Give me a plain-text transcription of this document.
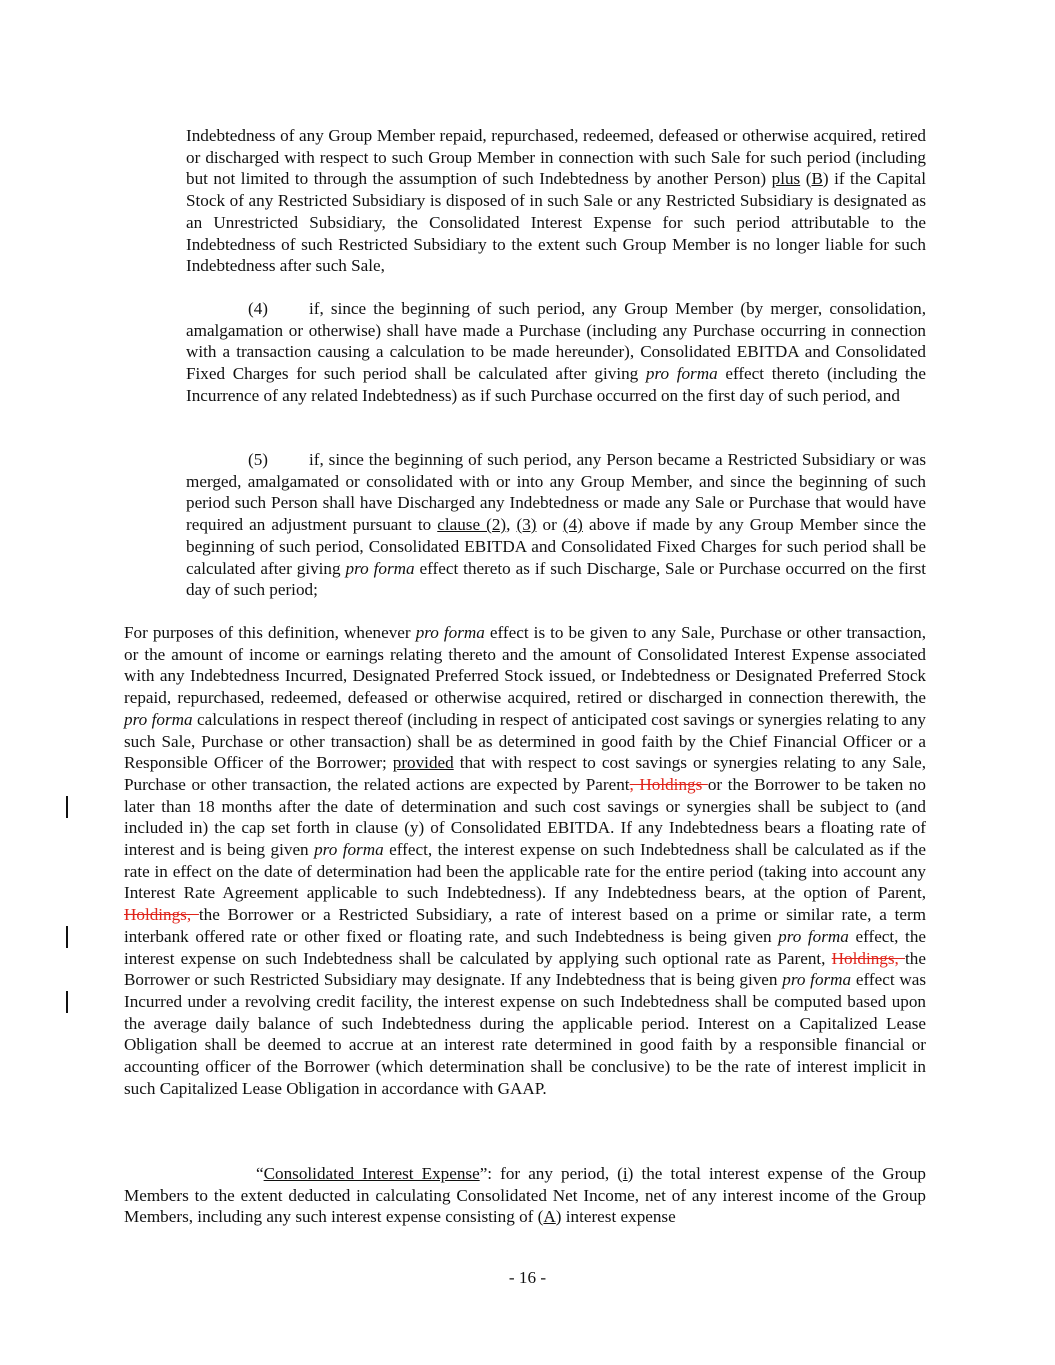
Indebtedness of any Group Member repaid, repurchased, redeemed, defeased or otherwise acquired, retired or discharged with respect to such Group Member in connection with such Sale for such period (including but not limited to through the assumption of such Indebtedness by another Person) plus (B) if the Capital Stock of any Restricted Subsidiary is disposed of in such Sale or any Restricted Subsidiary is designated as an Unrestricted Subsidiary, the Consolidated Interest Expense for such period attributable to the Indebtedness of such Restricted Subsidiary to the extent such Group Member is no longer liable for such Indebtedness after such Sale,

(4) if, since the beginning of such period, any Group Member (by merger, consolidation, amalgamation or otherwise) shall have made a Purchase (including any Purchase occurring in connection with a transaction causing a calculation to be made hereunder), Consolidated EBITDA and Consolidated Fixed Charges for such period shall be calculated after giving pro forma effect thereto (including the Incurrence of any related Indebtedness) as if such Purchase occurred on the first day of such period, and

(5) if, since the beginning of such period, any Person became a Restricted Subsidiary or was merged, amalgamated or consolidated with or into any Group Member, and since the beginning of such period such Person shall have Discharged any Indebtedness or made any Sale or Purchase that would have required an adjustment pursuant to clause (2), (3) or (4) above if made by any Group Member since the beginning of such period, Consolidated EBITDA and Consolidated Fixed Charges for such period shall be calculated after giving pro forma effect thereto as if such Discharge, Sale or Purchase occurred on the first day of such period;

For purposes of this definition, whenever pro forma effect is to be given to any Sale, Purchase or other transaction, or the amount of income or earnings relating thereto and the amount of Consolidated Interest Expense associated with any Indebtedness Incurred, Designated Preferred Stock issued, or Indebtedness or Designated Preferred Stock repaid, repurchased, redeemed, defeased or otherwise acquired, retired or discharged in connection therewith, the pro forma calculations in respect thereof (including in respect of anticipated cost savings or synergies relating to any such Sale, Purchase or other transaction) shall be as determined in good faith by the Chief Financial Officer or a Responsible Officer of the Borrower; provided that with respect to cost savings or synergies relating to any Sale, Purchase or other transaction, the related actions are expected by Parent, Holdings or the Borrower to be taken no later than 18 months after the date of determination and such cost savings or synergies shall be subject to (and included in) the cap set forth in clause (y) of Consolidated EBITDA. If any Indebtedness bears a floating rate of interest and is being given pro forma effect, the interest expense on such Indebtedness shall be calculated as if the rate in effect on the date of determination had been the applicable rate for the entire period (taking into account any Interest Rate Agreement applicable to such Indebtedness). If any Indebtedness bears, at the option of Parent, Holdings, the Borrower or a Restricted Subsidiary, a rate of interest based on a prime or similar rate, a term interbank offered rate or other fixed or floating rate, and such Indebtedness is being given pro forma effect, the interest expense on such Indebtedness shall be calculated by applying such optional rate as Parent, Holdings, the Borrower or such Restricted Subsidiary may designate. If any Indebtedness that is being given pro forma effect was Incurred under a revolving credit facility, the interest expense on such Indebtedness shall be computed based upon the average daily balance of such Indebtedness during the applicable period. Interest on a Capitalized Lease Obligation shall be deemed to accrue at an interest rate determined in good faith by a responsible financial or accounting officer of the Borrower (which determination shall be conclusive) to be the rate of interest implicit in such Capitalized Lease Obligation in accordance with GAAP.

“Consolidated Interest Expense”: for any period, (i) the total interest expense of the Group Members to the extent deducted in calculating Consolidated Net Income, net of any interest income of the Group Members, including any such interest expense consisting of (A) interest expense

- 16 -
